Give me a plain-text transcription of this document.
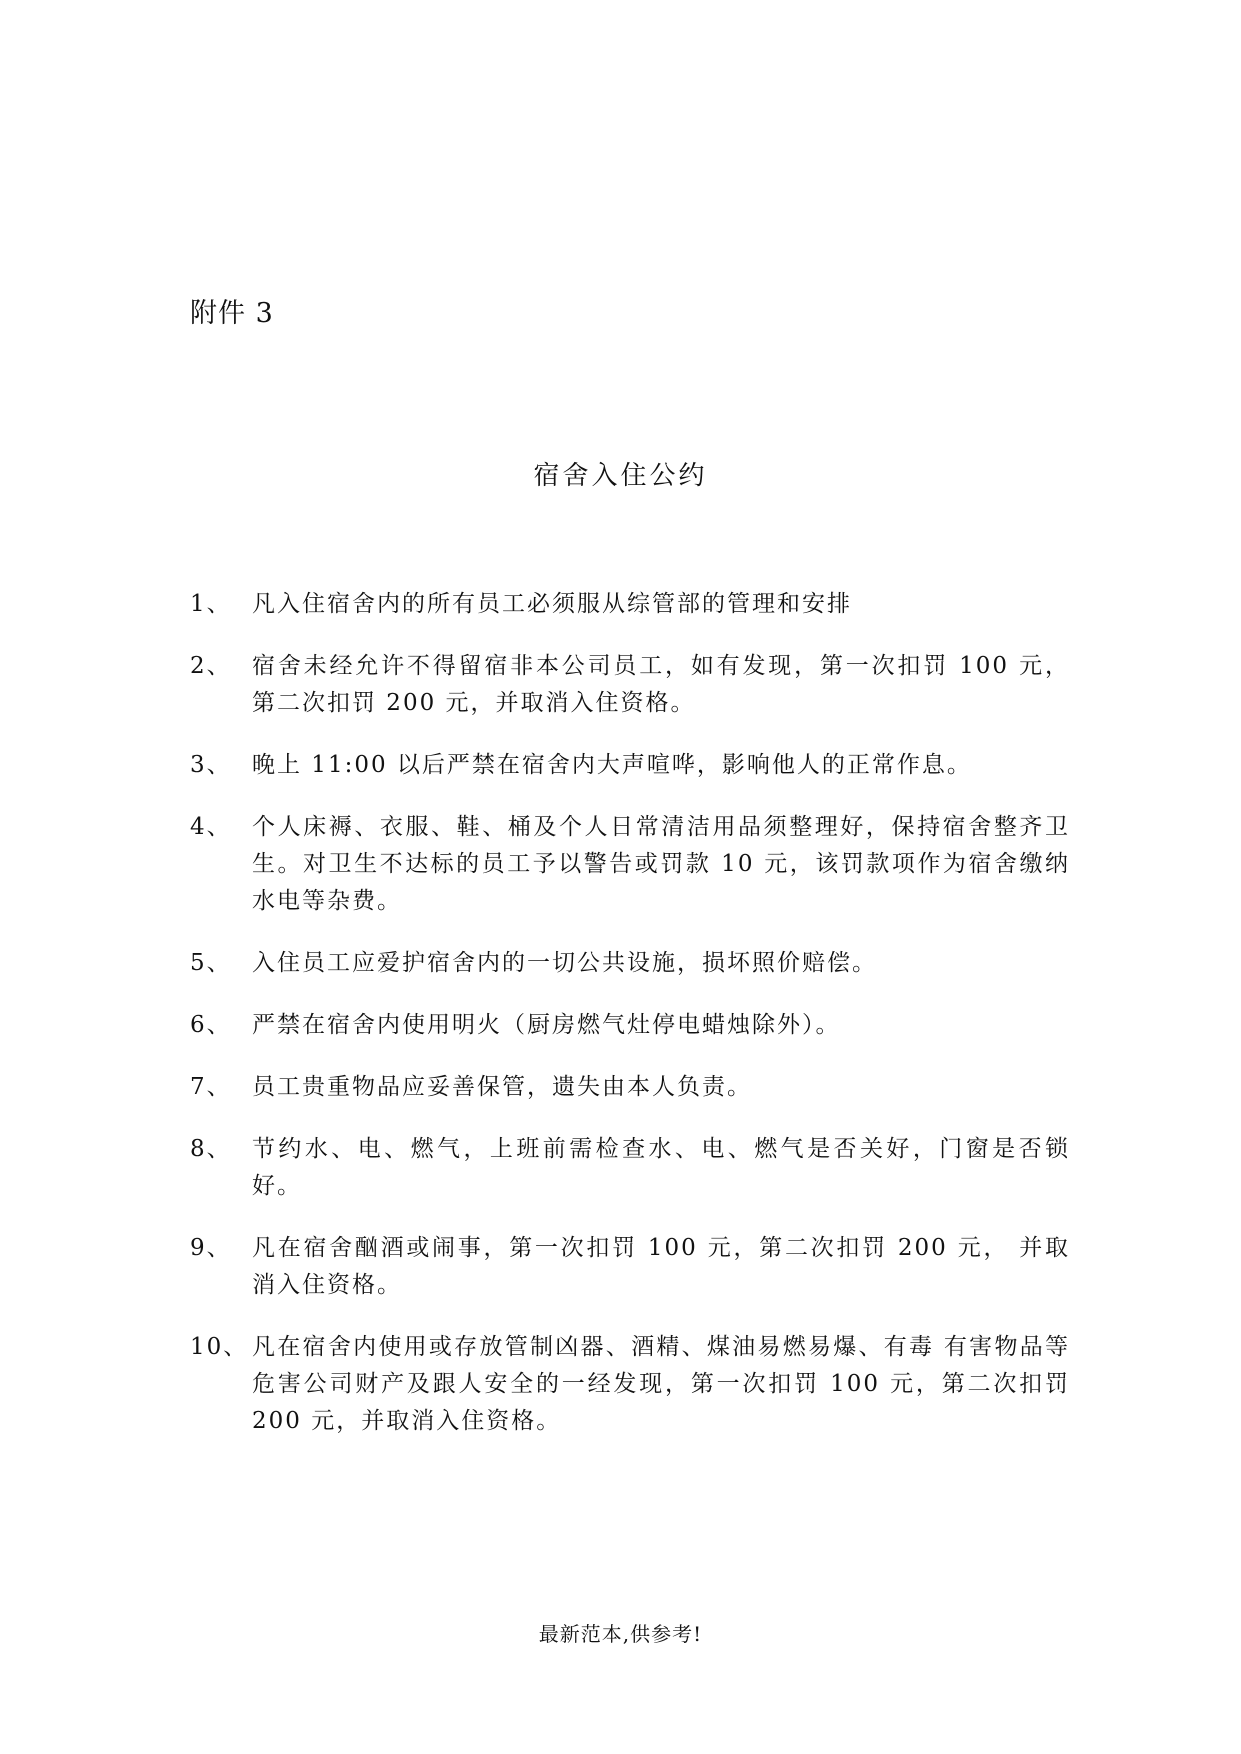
附件 3
宿舍入住公约
1、 凡入住宿舍内的所有员工必须服从综管部的管理和安排
2、 宿舍未经允许不得留宿非本公司员工，如有发现，第一次扣罚 100 元，第二次扣罚 200 元，并取消入住资格。
3、 晚上 11:00 以后严禁在宿舍内大声喧哗，影响他人的正常作息。
4、 个人床褥、衣服、鞋、桶及个人日常清洁用品须整理好，保持宿舍整齐卫生。对卫生不达标的员工予以警告或罚款 10 元，该罚款项作为宿舍缴纳水电等杂费。
5、 入住员工应爱护宿舍内的一切公共设施，损坏照价赔偿。
6、 严禁在宿舍内使用明火（厨房燃气灶停电蜡烛除外）。
7、 员工贵重物品应妥善保管，遗失由本人负责。
8、 节约水、电、燃气，上班前需检查水、电、燃气是否关好，门窗是否锁好。
9、 凡在宿舍酗酒或闹事，第一次扣罚 100 元，第二次扣罚 200 元， 并取消入住资格。
10、 凡在宿舍内使用或存放管制凶器、酒精、煤油易燃易爆、有毒 有害物品等危害公司财产及跟人安全的一经发现，第一次扣罚 100 元，第二次扣罚 200 元，并取消入住资格。
最新范本,供参考!
